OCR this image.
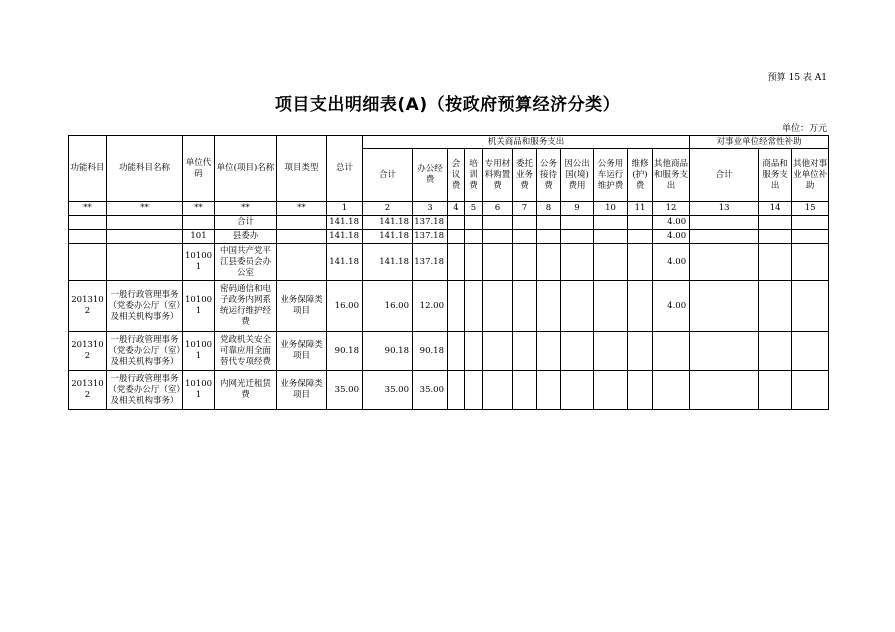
预算 15 表 A1
项目支出明细表(A)（按政府预算经济分类）
单位：万元
功能科目	功能科目名称	单位代码	单位(项目)名称	项目类型	总计	机关商品和服务支出											对事业单位经常性补助		
						合计	办公经费	会议费	培训费	专用材料购置费	委托业务费	公务接待费	因公出国(境)费用	公务用车运行维护费	维修(护)费	其他商品和服务支出	合计	商品和服务支出	其他对事业单位补助
**	**	**	**	**	1	2	3	4	5	6	7	8	9	10	11	12	13	14	15
			合计		141.18	141.18	137.18									4.00			
		101	县委办		141.18	141.18	137.18									4.00			
		101001	中国共产党平江县委员会办公室		141.18	141.18	137.18									4.00			
2013102	一般行政管理事务（党委办公厅（室）及相关机构事务）	101001	密码通信和电子政务内网系统运行维护经费	业务保障类项目	16.00	16.00	12.00									4.00			
2013102	一般行政管理事务（党委办公厅（室）及相关机构事务）	101001	党政机关安全可靠应用全面替代专项经费	业务保障类项目	90.18	90.18	90.18												
2013102	一般行政管理事务（党委办公厅（室）及相关机构事务）	101001	内网光迁租赁费	业务保障类项目	35.00	35.00	35.00												
